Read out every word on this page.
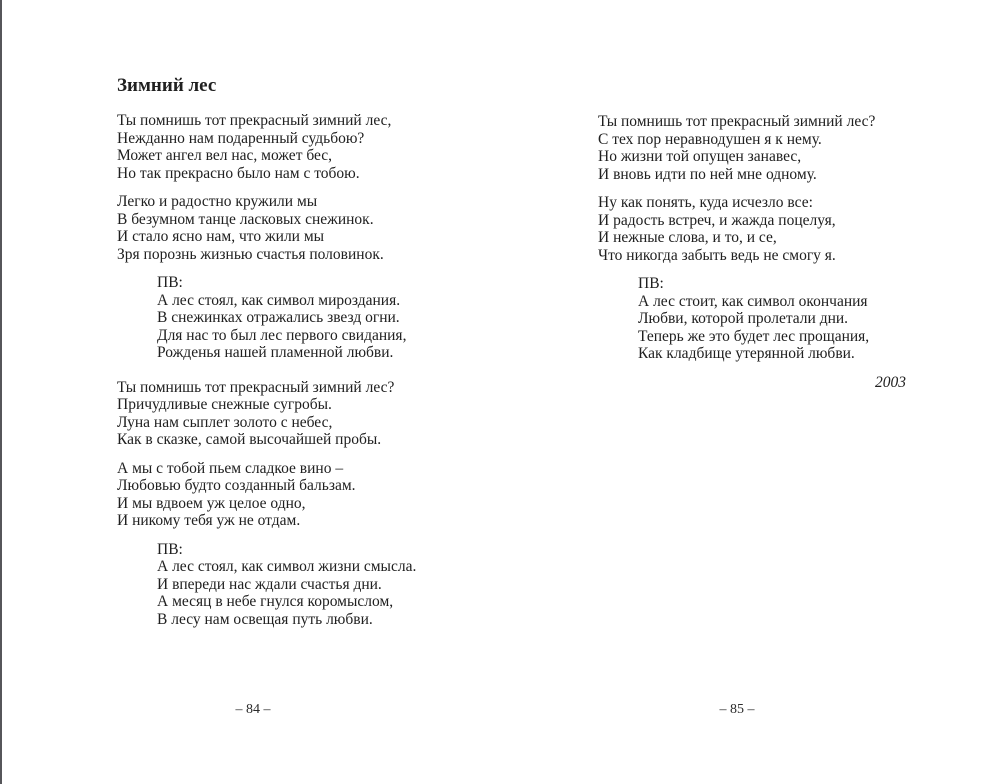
Зимний лес
Ты помнишь тот прекрасный зимний лес,
Нежданно нам подаренный судьбою?
Может ангел вел нас, может бес,
Но так прекрасно было нам с тобою.
Легко и радостно кружили мы
В безумном танце ласковых снежинок.
И стало ясно нам, что жили мы
Зря порознь жизнью счастья половинок.
ПВ:
А лес стоял, как символ мироздания.
В снежинках отражались звезд огни.
Для нас то был лес первого свидания,
Рожденья нашей пламенной любви.
Ты помнишь тот прекрасный зимний лес?
Причудливые снежные сугробы.
Луна нам сыплет золото с небес,
Как в сказке, самой высочайшей пробы.
А мы с тобой пьем сладкое вино –
Любовью будто созданный бальзам.
И мы вдвоем уж целое одно,
И никому тебя уж не отдам.
ПВ:
А лес стоял, как символ жизни смысла.
И впереди нас ждали счастья дни.
А месяц в небе гнулся коромыслом,
В лесу нам освещая путь любви.
Ты помнишь тот прекрасный зимний лес?
С тех пор неравнодушен я к нему.
Но жизни той опущен занавес,
И вновь идти по ней мне одному.
Ну как понять, куда исчезло все:
И радость встреч, и жажда поцелуя,
И нежные слова, и то, и се,
Что никогда забыть ведь не смогу я.
ПВ:
А лес стоит, как символ окончания
Любви, которой пролетали дни.
Теперь же это будет лес прощания,
Как кладбище утерянной любви.
2003
– 84 –	– 85 –
